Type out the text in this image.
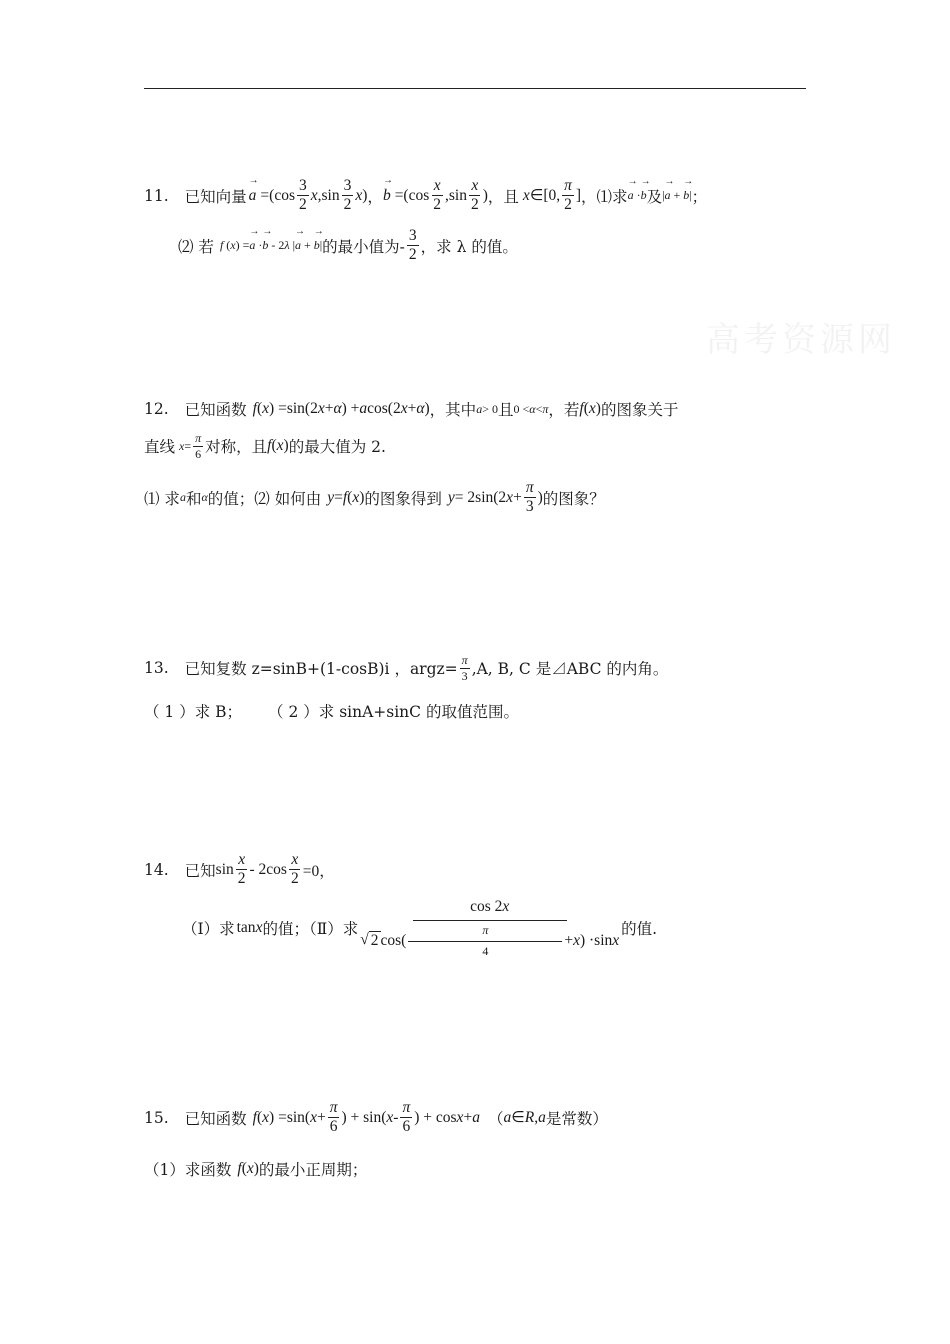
高考资源网
11. 已知向量 → $a =(\cos \frac{3}{2}$ x $,\sin \frac{3}{2}$ x ) ， → $b =(\cos \frac{x}{2} ,\sin \frac{x}{2}$ ) ，且 x ∈[0, $\frac{\pi}{2}$ ] ，⑴求 → a ·→ b 及 |→ a + → b| ；
⑵ 若 f (x) =→ a ·→ b - 2λ |→ a + → b| 的最小值为- $\frac{3}{2}$ ，求 λ 的值。
12. 已知函数 f ( x ) =sin(2 x + α ) + a cos(2 x + α ) ，其中 a > 0 且 0 < α < π ，若 f ( x ) 的图象关于
直线 $x = \frac{\pi}{6}$ 对称，且 f ( x ) 的最大值为 2.
⑴ 求 a 和 α 的值；⑵ 如何由 y = f ( x ) 的图象得到 y = 2sin(2 $x + \frac{\pi}{3}$ ) 的图象？
13. 已知复数 z=sinB+(1-cosB)i ，argz= $\frac{\pi}{3} ,A$, B, C 是⊿ABC 的内角。
（ 1 ）求 B； （ 2 ）求 sinA+sinC 的取值范围。
14. 已知 $\sin \frac{x}{2} - 2\cos \frac{x}{2} =0$，
（Ⅰ）求 tan x 的值；（Ⅱ）求
cos 2x
√ 2 $\cos( \frac{\pi}{4} + x$ ) ·sin x
的值.
15. 已知函数 f ( x ) =sin( $x + \frac{\pi}{6}$ ) + sin( x - $\frac{\pi}{6}$ ) + cos x + a （ a ∈ R , a 是常数）
（1）求函数 f ( x ) 的最小正周期；
